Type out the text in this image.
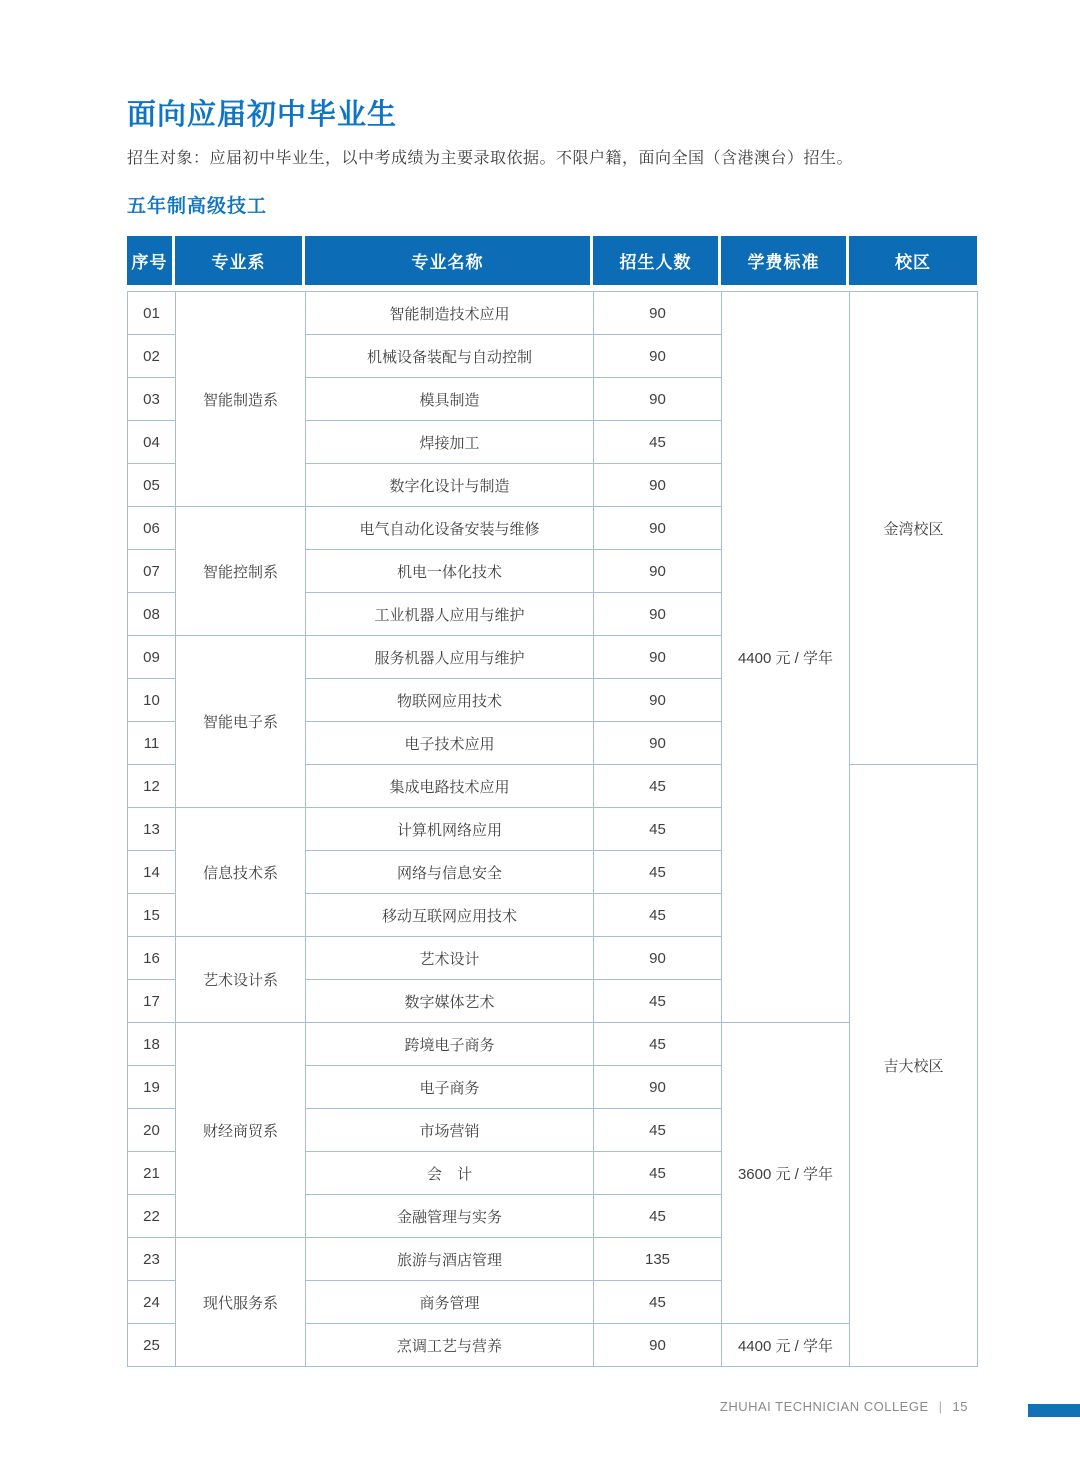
面向应届初中毕业生
招生对象：应届初中毕业生，以中考成绩为主要录取依据。不限户籍，面向全国（含港澳台）招生。
五年制高级技工
序号	专业系	专业名称	招生人数	学费标准	校区
01	智能制造系	智能制造技术应用	90	4400 元 / 学年	金湾校区
02		机械设备装配与自动控制	90		
03		模具制造	90		
04		焊接加工	45		
05		数字化设计与制造	90		
06	智能控制系	电气自动化设备安装与维修	90		
07		机电一体化技术	90		
08		工业机器人应用与维护	90		
09	智能电子系	服务机器人应用与维护	90		
10		物联网应用技术	90		
11		电子技术应用	90		
12		集成电路技术应用	45		吉大校区
13	信息技术系	计算机网络应用	45		
14		网络与信息安全	45		
15		移动互联网应用技术	45		
16	艺术设计系	艺术设计	90		
17		数字媒体艺术	45		
18	财经商贸系	跨境电子商务	45	3600 元 / 学年	
19		电子商务	90		
20		市场营销	45		
21		会　计	45		
22		金融管理与实务	45		
23	现代服务系	旅游与酒店管理	135		
24		商务管理	45		
25		烹调工艺与营养	90	4400 元 / 学年	
ZHUHAI TECHNICIAN COLLEGE | 15
